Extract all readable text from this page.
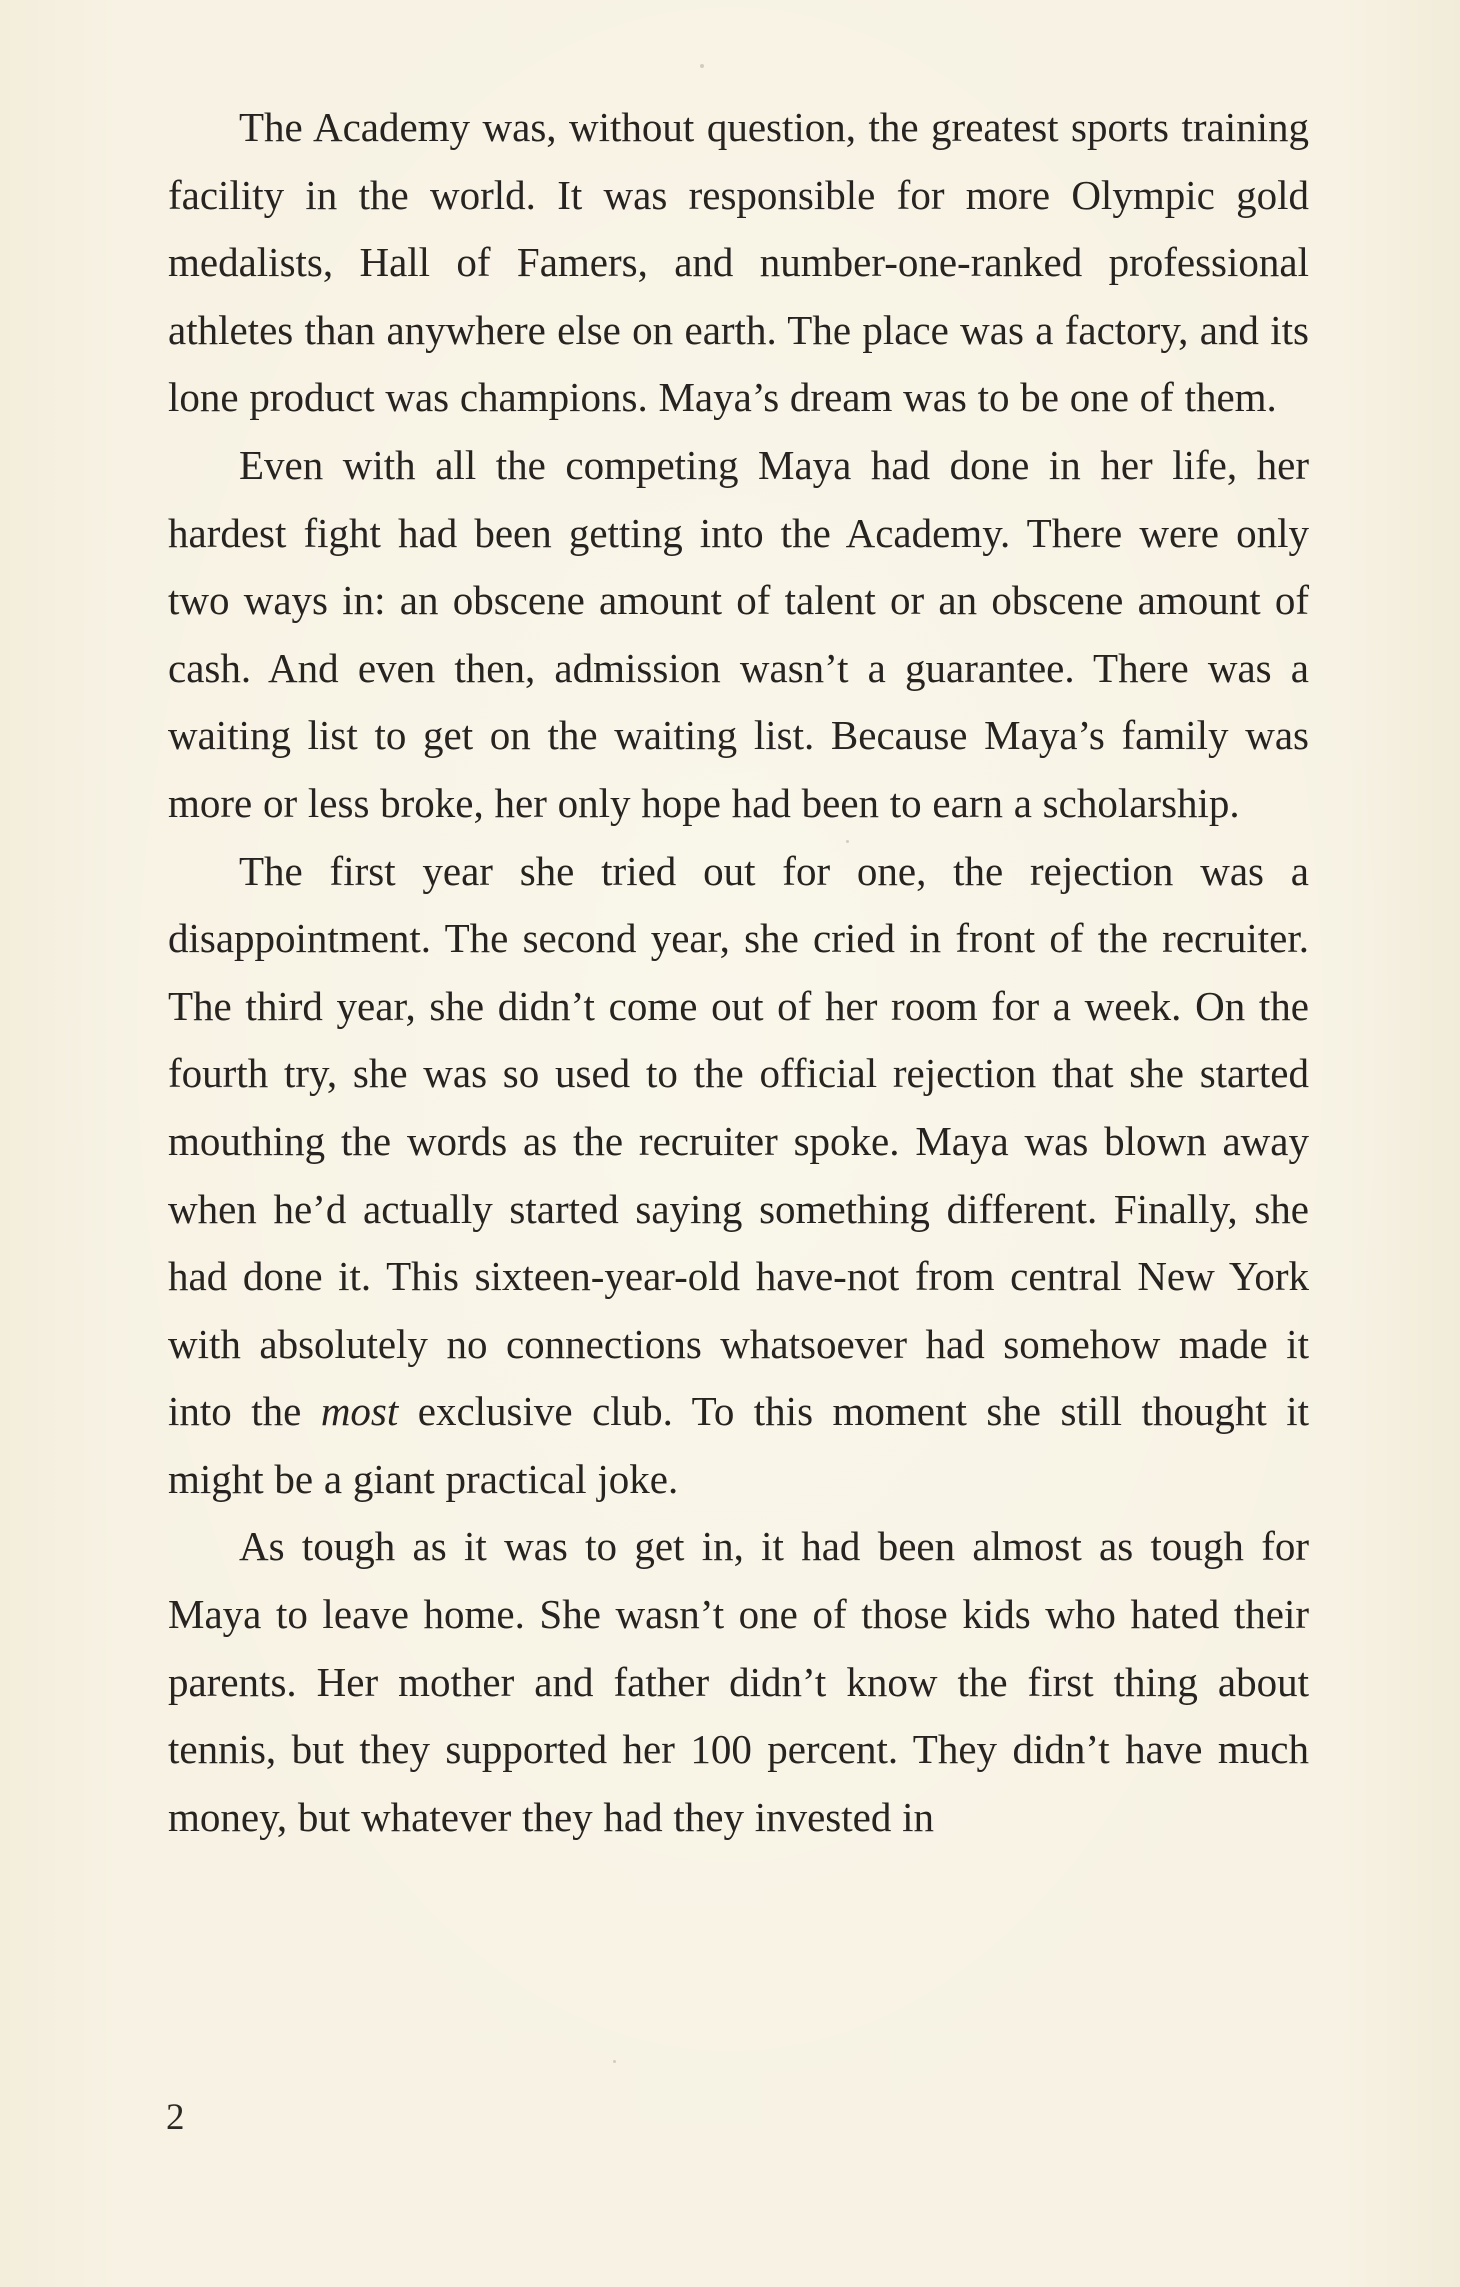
The Academy was, without question, the greatest sports training facility in the world. It was responsible for more Olympic gold medalists, Hall of Famers, and number-one-ranked professional athletes than anywhere else on earth. The place was a factory, and its lone product was champions. Maya’s dream was to be one of them.

Even with all the competing Maya had done in her life, her hardest fight had been getting into the Academy. There were only two ways in: an obscene amount of talent or an obscene amount of cash. And even then, admission wasn’t a guarantee. There was a waiting list to get on the waiting list. Because Maya’s family was more or less broke, her only hope had been to earn a scholarship.

The first year she tried out for one, the rejection was a disappointment. The second year, she cried in front of the recruiter. The third year, she didn’t come out of her room for a week. On the fourth try, she was so used to the official rejection that she started mouthing the words as the recruiter spoke. Maya was blown away when he’d actually started saying something different. Finally, she had done it. This sixteen-year-old have-not from central New York with absolutely no connections whatsoever had somehow made it into the most exclusive club. To this moment she still thought it might be a giant practical joke.

As tough as it was to get in, it had been almost as tough for Maya to leave home. She wasn’t one of those kids who hated their parents. Her mother and father didn’t know the first thing about tennis, but they supported her 100 percent. They didn’t have much money, but whatever they had they invested in

2
